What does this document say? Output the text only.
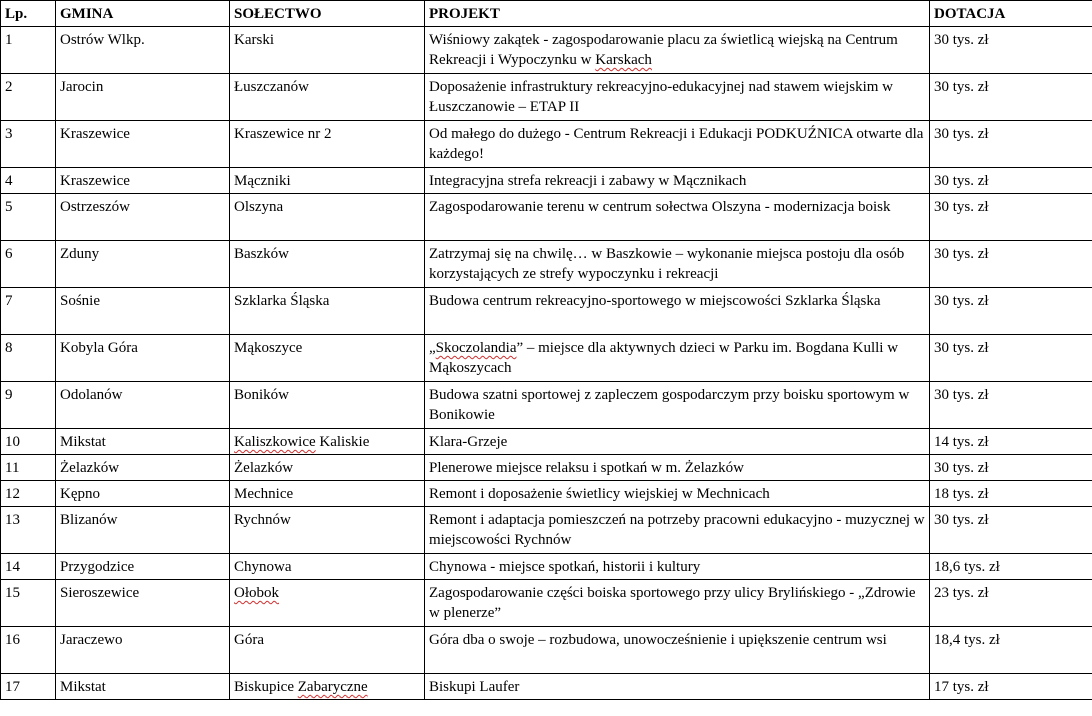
Lp.	GMINA	SOŁECTWO	PROJEKT	DOTACJA
1	Ostrów Wlkp.	Karski	Wiśniowy zakątek - zagospodarowanie placu za świetlicą wiejską na Centrum Rekreacji i Wypoczynku w Karskach	30 tys. zł
2	Jarocin	Łuszczanów	Doposażenie infrastruktury rekreacyjno-edukacyjnej nad stawem wiejskim w Łuszczanowie – ETAP II	30 tys. zł
3	Kraszewice	Kraszewice nr 2	Od małego do dużego - Centrum Rekreacji i Edukacji PODKUŹNICA otwarte dla każdego!	30 tys. zł
4	Kraszewice	Mączniki	Integracyjna strefa rekreacji i zabawy w Mącznikach	30 tys. zł
5	Ostrzeszów	Olszyna	Zagospodarowanie terenu w centrum sołectwa Olszyna - modernizacja boisk	30 tys. zł
6	Zduny	Baszków	Zatrzymaj się na chwilę… w Baszkowie – wykonanie miejsca postoju dla osób korzystających ze strefy wypoczynku i rekreacji	30 tys. zł
7	Sośnie	Szklarka Śląska	Budowa centrum rekreacyjno-sportowego w miejscowości Szklarka Śląska	30 tys. zł
8	Kobyla Góra	Mąkoszyce	„Skoczolandia” – miejsce dla aktywnych dzieci w Parku im. Bogdana Kulli w Mąkoszycach	30 tys. zł
9	Odolanów	Boników	Budowa szatni sportowej z zapleczem gospodarczym przy boisku sportowym w Bonikowie	30 tys. zł
10	Mikstat	Kaliszkowice Kaliskie	Klara-Grzeje	14 tys. zł
11	Żelazków	Żelazków	Plenerowe miejsce relaksu i spotkań w m. Żelazków	30 tys. zł
12	Kępno	Mechnice	Remont i doposażenie świetlicy wiejskiej w Mechnicach	18 tys. zł
13	Blizanów	Rychnów	Remont i adaptacja pomieszczeń na potrzeby pracowni edukacyjno - muzycznej w miejscowości Rychnów	30 tys. zł
14	Przygodzice	Chynowa	Chynowa - miejsce spotkań, historii i kultury	18,6 tys. zł
15	Sieroszewice	Ołobok	Zagospodarowanie części boiska sportowego przy ulicy Brylińskiego - „Zdrowie w plenerze”	23 tys. zł
16	Jaraczewo	Góra	Góra dba o swoje – rozbudowa, unowocześnienie i upiększenie centrum wsi	18,4 tys. zł
17	Mikstat	Biskupice Zabaryczne	Biskupi Laufer	17 tys. zł
